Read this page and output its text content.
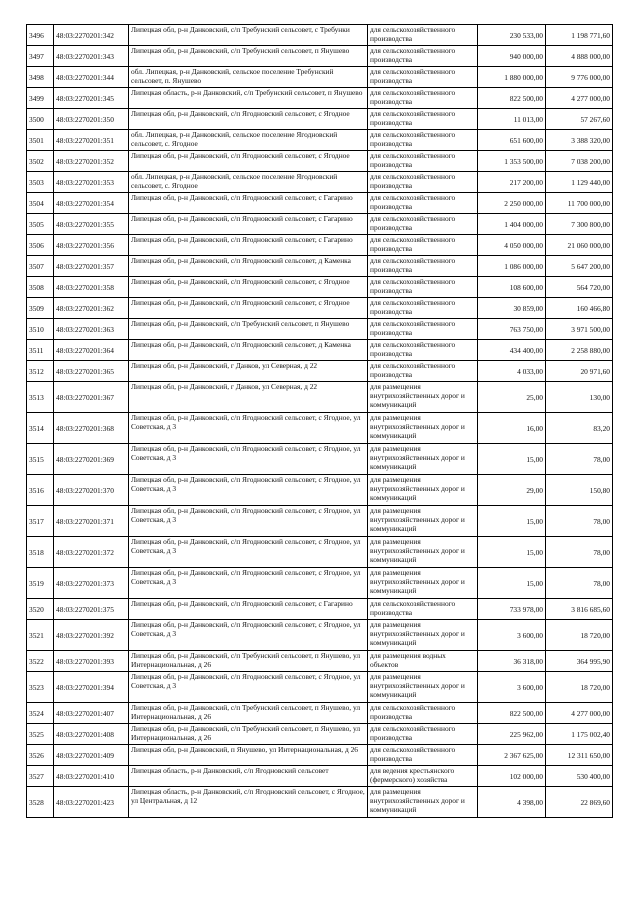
3496	48:03:2270201:342	Липецкая обл, р-н Данковский, с/п Требунский сельсовет, с Требунки	для сельскохозяйственного производства	230 533,00	1 198 771,60
3497	48:03:2270201:343	Липецкая обл, р-н Данковский, с/п Требунский сельсовет, п Янушево	для сельскохозяйственного производства	940 000,00	4 888 000,00
3498	48:03:2270201:344	обл. Липецкая, р-н Данковский, сельское поселение Требунский сельсовет, п. Янушево	для сельскохозяйственного производства	1 880 000,00	9 776 000,00
3499	48:03:2270201:345	Липецкая область, р-н Данковский, с/п Требунский сельсовет, п Янушево	для сельскохозяйственного производства	822 500,00	4 277 000,00
3500	48:03:2270201:350	Липецкая обл, р-н Данковский, с/п Ягодновский сельсовет, с Ягодное	для сельскохозяйственного производства	11 013,00	57 267,60
3501	48:03:2270201:351	обл. Липецкая, р-н Данковский, сельское поселение Ягодновский сельсовет, с. Ягодное	для сельскохозяйственного производства	651 600,00	3 388 320,00
3502	48:03:2270201:352	Липецкая обл, р-н Данковский, с/п Ягодновский сельсовет, с Ягодное	для сельскохозяйственного производства	1 353 500,00	7 038 200,00
3503	48:03:2270201:353	обл. Липецкая, р-н Данковский, сельское поселение Ягодновский сельсовет, с. Ягодное	для сельскохозяйственного производства	217 200,00	1 129 440,00
3504	48:03:2270201:354	Липецкая обл, р-н Данковский, с/п Ягодновский сельсовет, с Гагарино	для сельскохозяйственного производства	2 250 000,00	11 700 000,00
3505	48:03:2270201:355	Липецкая обл, р-н Данковский, с/п Ягодновский сельсовет, с Гагарино	для сельскохозяйственного производства	1 404 000,00	7 300 800,00
3506	48:03:2270201:356	Липецкая обл, р-н Данковский, с/п Ягодновский сельсовет, с Гагарино	для сельскохозяйственного производства	4 050 000,00	21 060 000,00
3507	48:03:2270201:357	Липецкая обл, р-н Данковский, с/п Ягодновский сельсовет, д Каменка	для сельскохозяйственного производства	1 086 000,00	5 647 200,00
3508	48:03:2270201:358	Липецкая обл, р-н Данковский, с/п Ягодновский сельсовет, с Ягодное	для сельскохозяйственного производства	108 600,00	564 720,00
3509	48:03:2270201:362	Липецкая обл, р-н Данковский, с/п Ягодновский сельсовет, с Ягодное	для сельскохозяйственного производства	30 859,00	160 466,80
3510	48:03:2270201:363	Липецкая обл, р-н Данковский, с/п Требунский сельсовет, п Янушево	для сельскохозяйственного производства	763 750,00	3 971 500,00
3511	48:03:2270201:364	Липецкая обл, р-н Данковский, с/п Ягодновский сельсовет, д Каменка	для сельскохозяйственного производства	434 400,00	2 258 880,00
3512	48:03:2270201:365	Липецкая обл, р-н Данковский, г Данков, ул Северная, д 22	для сельскохозяйственного производства	4 033,00	20 971,60
3513	48:03:2270201:367	Липецкая обл, р-н Данковский, г Данков, ул Северная, д 22	для размещения внутрихозяйственных дорог и коммуникаций	25,00	130,00
3514	48:03:2270201:368	Липецкая обл, р-н Данковский, с/п Ягодновский сельсовет, с Ягодное, ул Советская, д 3	для размещения внутрихозяйственных дорог и коммуникаций	16,00	83,20
3515	48:03:2270201:369	Липецкая обл, р-н Данковский, с/п Ягодновский сельсовет, с Ягодное, ул Советская, д 3	для размещения внутрихозяйственных дорог и коммуникаций	15,00	78,00
3516	48:03:2270201:370	Липецкая обл, р-н Данковский, с/п Ягодновский сельсовет, с Ягодное, ул Советская, д 3	для размещения внутрихозяйственных дорог и коммуникаций	29,00	150,80
3517	48:03:2270201:371	Липецкая обл, р-н Данковский, с/п Ягодновский сельсовет, с Ягодное, ул Советская, д 3	для размещения внутрихозяйственных дорог и коммуникаций	15,00	78,00
3518	48:03:2270201:372	Липецкая обл, р-н Данковский, с/п Ягодновский сельсовет, с Ягодное, ул Советская, д 3	для размещения внутрихозяйственных дорог и коммуникаций	15,00	78,00
3519	48:03:2270201:373	Липецкая обл, р-н Данковский, с/п Ягодновский сельсовет, с Ягодное, ул Советская, д 3	для размещения внутрихозяйственных дорог и коммуникаций	15,00	78,00
3520	48:03:2270201:375	Липецкая обл, р-н Данковский, с/п Ягодновский сельсовет, с Гагарино	для сельскохозяйственного производства	733 978,00	3 816 685,60
3521	48:03:2270201:392	Липецкая обл, р-н Данковский, с/п Ягодновский сельсовет, с Ягодное, ул Советская, д 3	для размещения внутрихозяйственных дорог и коммуникаций	3 600,00	18 720,00
3522	48:03:2270201:393	Липецкая обл, р-н Данковский, с/п Требунский сельсовет, п Янушево, ул Интернациональная, д 26	для размещения водных объектов	36 318,00	364 995,90
3523	48:03:2270201:394	Липецкая обл, р-н Данковский, с/п Ягодновский сельсовет, с Ягодное, ул Советская, д 3	для размещения внутрихозяйственных дорог и коммуникаций	3 600,00	18 720,00
3524	48:03:2270201:407	Липецкая обл, р-н Данковский, с/п Требунский сельсовет, п Янушево, ул Интернациональная, д 26	для сельскохозяйственного производства	822 500,00	4 277 000,00
3525	48:03:2270201:408	Липецкая обл, р-н Данковский, с/п Требунский сельсовет, п Янушево, ул Интернациональная, д 26	для сельскохозяйственного производства	225 962,00	1 175 002,40
3526	48:03:2270201:409	Липецкая обл, р-н Данковский, п Янушево, ул Интернациональная, д 26	для сельскохозяйственного производства	2 367 625,00	12 311 650,00
3527	48:03:2270201:410	Липецкая область, р-н Данковский, с/п Ягодновский сельсовет	для ведения крестьянского (фермерского) хозяйства	102 000,00	530 400,00
3528	48:03:2270201:423	Липецкая область, р-н Данковский, с/п Ягодновский сельсовет, с Ягодное, ул Центральная, д 12	для размещения внутрихозяйственных дорог и коммуникаций	4 398,00	22 869,60
